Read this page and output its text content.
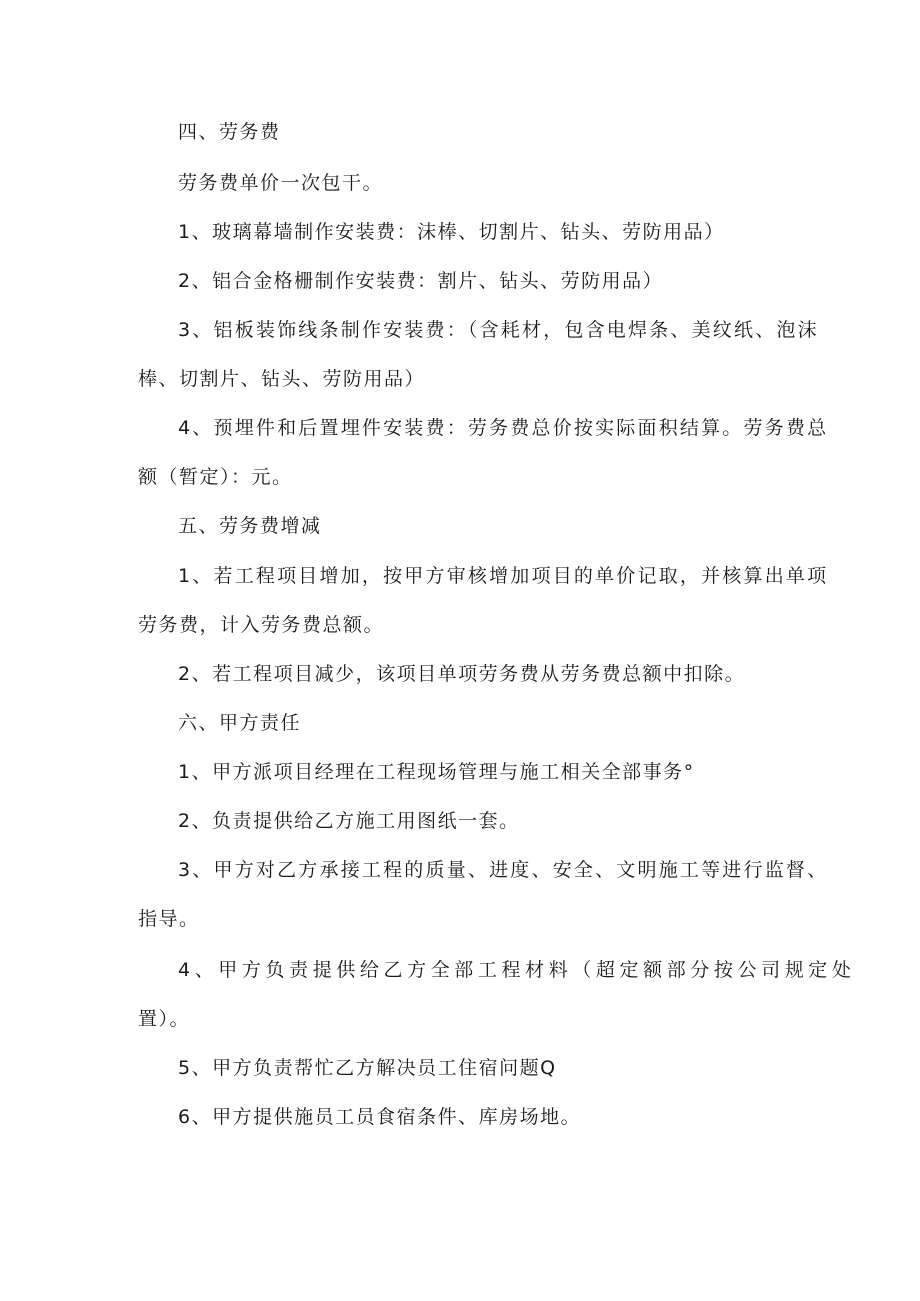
四、劳务费
劳务费单价一次包干。
1、玻璃幕墙制作安装费：沫棒、切割片、钻头、劳防用品）
2、铝合金格栅制作安装费：割片、钻头、劳防用品）
3、铝板装饰线条制作安装费：（含耗材，包含电焊条、美纹纸、泡沫
棒、切割片、钻头、劳防用品）
4、预埋件和后置埋件安装费：劳务费总价按实际面积结算。劳务费总
额（暂定）：元。
五、劳务费增减
1、若工程项目增加，按甲方审核增加项目的单价记取，并核算出单项
劳务费，计入劳务费总额。
2、若工程项目减少，该项目单项劳务费从劳务费总额中扣除。
六、甲方责任
1、甲方派项目经理在工程现场管理与施工相关全部事务°
2、负责提供给乙方施工用图纸一套。
3、甲方对乙方承接工程的质量、进度、安全、文明施工等进行监督、
指导。
4、甲方负责提供给乙方全部工程材料（超定额部分按公司规定处
置）。
5、甲方负责帮忙乙方解决员工住宿问题Q
6、甲方提供施员工员食宿条件、库房场地。
